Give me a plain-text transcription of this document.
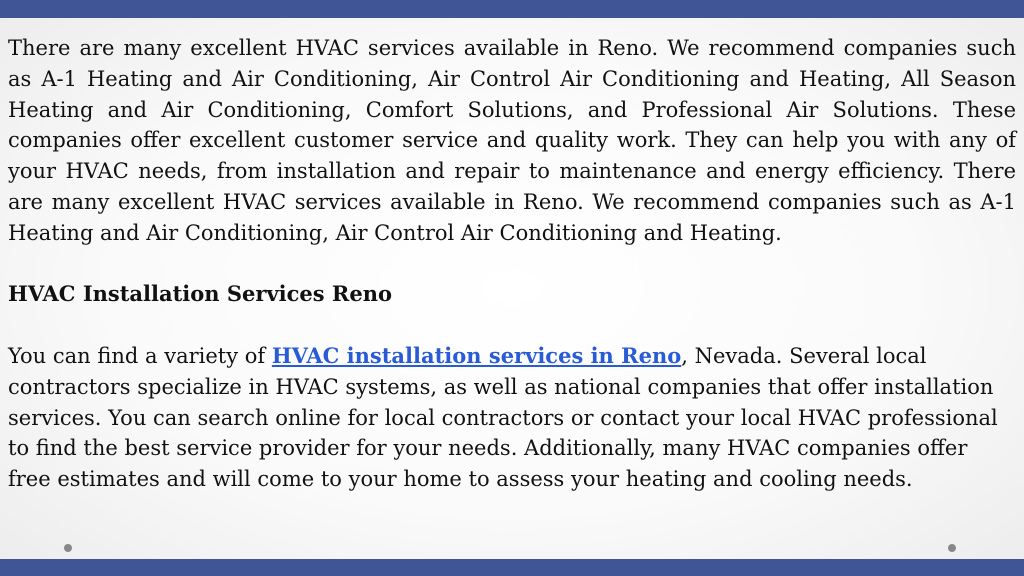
There are many excellent HVAC services available in Reno. We recommend companies such as A-1 Heating and Air Conditioning, Air Control Air Conditioning and Heating, All Season Heating and Air Conditioning, Comfort Solutions, and Professional Air Solutions. These companies offer excellent customer service and quality work. They can help you with any of your HVAC needs, from installation and repair to maintenance and energy efficiency. There are many excellent HVAC services available in Reno. We recommend companies such as A-1 Heating and Air Conditioning, Air Control Air Conditioning and Heating.

HVAC Installation Services Reno

You can find a variety of HVAC installation services in Reno, Nevada. Several local contractors specialize in HVAC systems, as well as national companies that offer installation services. You can search online for local contractors or contact your local HVAC professional to find the best service provider for your needs. Additionally, many HVAC companies offer free estimates and will come to your home to assess your heating and cooling needs.
